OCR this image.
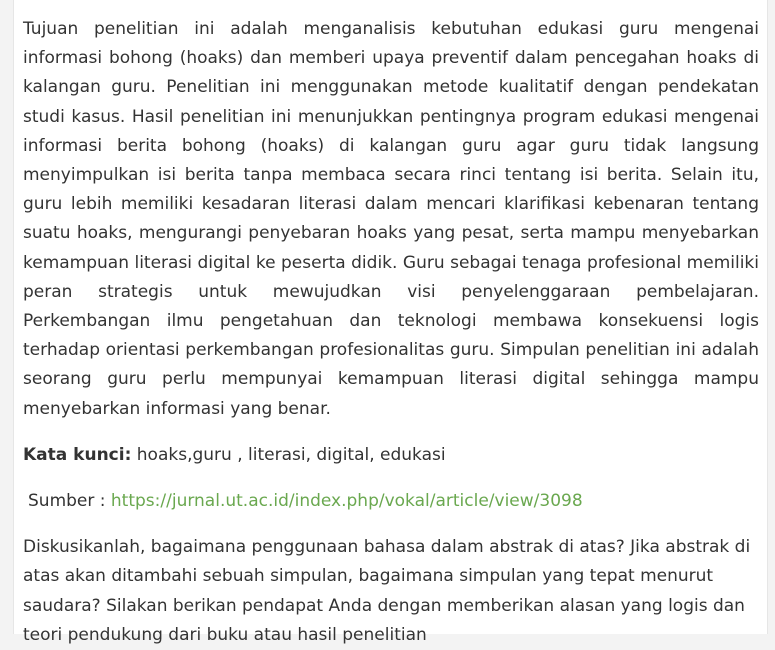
Tujuan penelitian ini adalah menganalisis kebutuhan edukasi guru mengenai informasi bohong (hoaks) dan memberi upaya preventif dalam pencegahan hoaks di kalangan guru. Penelitian ini menggunakan metode kualitatif dengan pendekatan studi kasus. Hasil penelitian ini menunjukkan pentingnya program edukasi mengenai informasi berita bohong (hoaks) di kalangan guru agar guru tidak langsung menyimpulkan isi berita tanpa membaca secara rinci tentang isi berita. Selain itu, guru lebih memiliki kesadaran literasi dalam mencari klarifikasi kebenaran tentang suatu hoaks, mengurangi penyebaran hoaks yang pesat, serta mampu menyebarkan kemampuan literasi digital ke peserta didik. Guru sebagai tenaga profesional memiliki peran strategis untuk mewujudkan visi penyelenggaraan pembelajaran. Perkembangan ilmu pengetahuan dan teknologi membawa konsekuensi logis terhadap orientasi perkembangan profesionalitas guru. Simpulan penelitian ini adalah seorang guru perlu mempunyai kemampuan literasi digital sehingga mampu menyebarkan informasi yang benar.

Kata kunci: hoaks,guru , literasi, digital, edukasi

Sumber : https://jurnal.ut.ac.id/index.php/vokal/article/view/3098

Diskusikanlah, bagaimana penggunaan bahasa dalam abstrak di atas? Jika abstrak di atas akan ditambahi sebuah simpulan, bagaimana simpulan yang tepat menurut saudara? Silakan berikan pendapat Anda dengan memberikan alasan yang logis dan teori pendukung dari buku atau hasil penelitian
